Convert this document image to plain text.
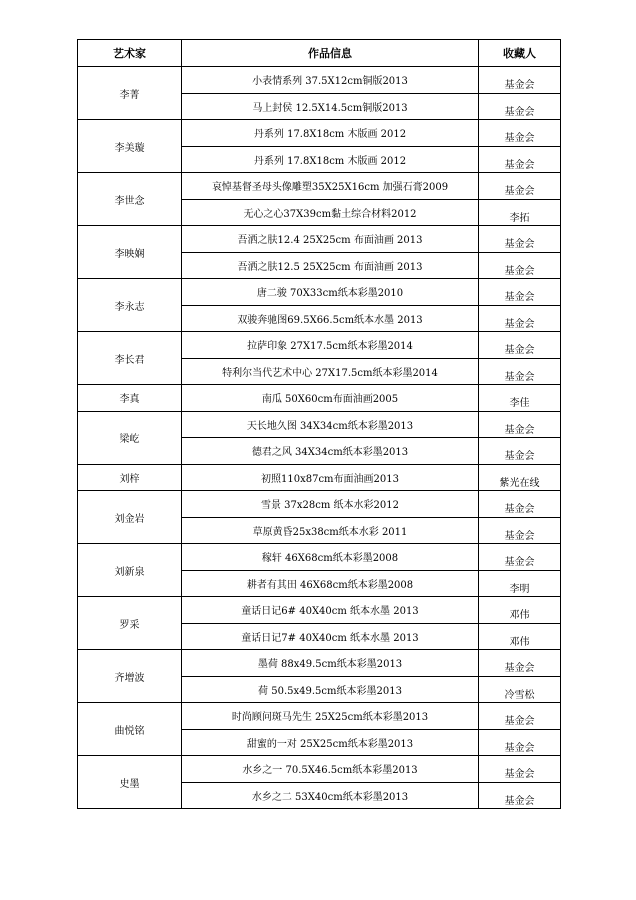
艺术家	作品信息	收藏人
李菁	小表情系列 37.5X12cm铜版2013	基金会
	马上封侯 12.5X14.5cm铜版2013	基金会
李美璇	丹系列 17.8X18cm 木版画 2012	基金会
	丹系列 17.8X18cm 木版画 2012	基金会
李世念	哀悼基督圣母头像雕塑35X25X16cm 加强石膏2009	基金会
	无心之心37X39cm黏土综合材料2012	李拓
李映娴	吾洒之肤12.4 25X25cm 布面油画 2013	基金会
	吾洒之肤12.5 25X25cm 布面油画 2013	基金会
李永志	唐二骏 70X33cm纸本彩墨2010	基金会
	双骏奔驰图69.5X66.5cm纸本水墨 2013	基金会
李长君	拉萨印象 27X17.5cm纸本彩墨2014	基金会
	特利尔当代艺术中心 27X17.5cm纸本彩墨2014	基金会
李真	南瓜 50X60cm布面油画2005	李佳
梁屹	天长地久图 34X34cm纸本彩墨2013	基金会
	德君之风 34X34cm纸本彩墨2013	基金会
刘梓	初照110x87cm布面油画2013	紫光在线
刘金岩	雪景 37x28cm 纸本水彩2012	基金会
	草原黄昏25x38cm纸本水彩 2011	基金会
刘新泉	稼轩 46X68cm纸本彩墨2008	基金会
	耕者有其田 46X68cm纸本彩墨2008	李明
罗采	童话日记6# 40X40cm 纸本水墨 2013	邓伟
	童话日记7# 40X40cm 纸本水墨 2013	邓伟
齐增波	墨荷 88x49.5cm纸本彩墨2013	基金会
	荷 50.5x49.5cm纸本彩墨2013	冷雪松
曲悦铭	时尚顾问斑马先生 25X25cm纸本彩墨2013	基金会
	甜蜜的一对 25X25cm纸本彩墨2013	基金会
史墨	水乡之一 70.5X46.5cm纸本彩墨2013	基金会
	水乡之二 53X40cm纸本彩墨2013	基金会
